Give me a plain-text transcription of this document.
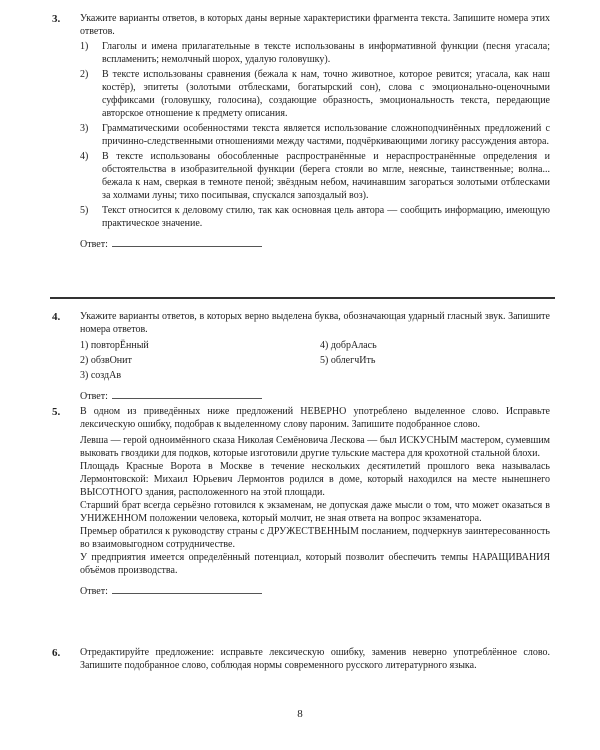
3. Укажите варианты ответов, в которых даны верные характеристики фрагмента текста. Запишите номера этих ответов.

1)	Глаголы и имена прилагательные в тексте использованы в информативной функции (песня угасала; вспламенить; немолчный шорох, удалую головушку).
2)	В тексте использованы сравнения (бежала к нам, точно животное, которое ревится; угасала, как наш костёр), эпитеты (золотыми отблесками, богатырский сон), слова с эмоционально-оценочными суффиксами (головушку, голосина), создающие образность, эмоциональность текста, передающие авторское отношение к предмету описания.
3)	Грамматическими особенностями текста является использование сложноподчинённых предложений с причинно-следственными отношениями между частями, подчёркивающими логику рассуждения автора.
4)	В тексте использованы обособленные распространённые и нераспространённые определения и обстоятельства в изобразительной функции (берега стояли во мгле, неясные, таинственные; волна... бежала к нам, сверкая в темноте пеной; звёздным небом, начинавшим загораться золотыми отблесками за холмами луны; тихо посипывая, спускался запоздалый воз).
5)	Текст относится к деловому стилю, так как основная цель автора — сообщить информацию, имеющую практическое значение.
Ответ:
4. Укажите варианты ответов, в которых верно выделена буква, обозначающая ударный гласный звук. Запишите номера ответов.

1) повторЁнный	4) добрАлась
2) обзвОнит	5) облегчИть
3) создАв
Ответ:
5. В одном из приведённых ниже предложений НЕВЕРНО употреблено выделенное слово. Исправьте лексическую ошибку, подобрав к выделенному слову пароним. Запишите подобранное слово.

Левша — герой одноимённого сказа Николая Семёновича Лескова — был ИСКУСНЫМ мастером, сумевшим выковать гвоздики для подков, которые изготовили другие тульские мастера для крохотной стальной блохи.

Площадь Красные Ворота в Москве в течение нескольких десятилетий прошлого века называлась Лермонтовской: Михаил Юрьевич Лермонтов родился в доме, который находился на месте нынешнего ВЫСОТНОГО здания, расположенного на этой площади.

Старший брат всегда серьёзно готовился к экзаменам, не допуская даже мысли о том, что может оказаться в УНИЖЕННОМ положении человека, который молчит, не зная ответа на вопрос экзаменатора.

Премьер обратился к руководству страны с ДРУЖЕСТВЕННЫМ посланием, подчеркнув заинтересованность во взаимовыгодном сотрудничестве.

У предприятия имеется определённый потенциал, который позволит обеспечить темпы НАРАЩИВАНИЯ объёмов производства.

Ответ:
6. Отредактируйте предложение: исправьте лексическую ошибку, заменив неверно употреблённое слово. Запишите подобранное слово, соблюдая нормы современного русского литературного языка.

8
